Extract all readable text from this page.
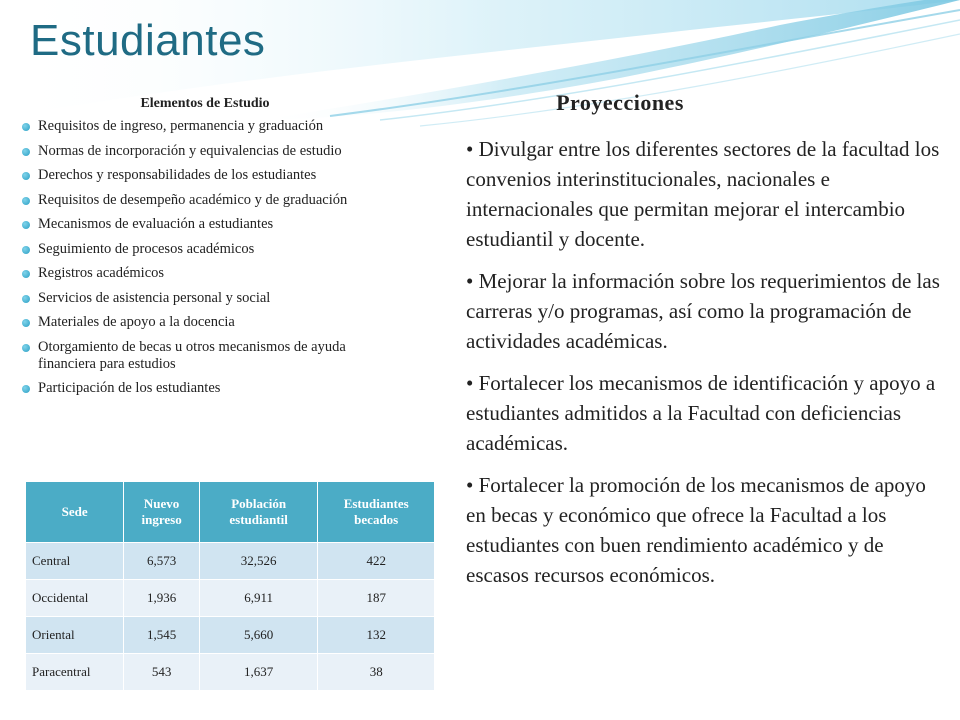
Estudiantes
Elementos de Estudio
Requisitos de ingreso, permanencia y graduación
Normas de incorporación y equivalencias de estudio
Derechos y responsabilidades de los estudiantes
Requisitos de desempeño académico y de graduación
Mecanismos de evaluación a estudiantes
Seguimiento de procesos académicos
Registros académicos
Servicios de asistencia personal y social
Materiales de apoyo a la docencia
Otorgamiento de becas u otros mecanismos de ayuda financiera para estudios
Participación de los estudiantes
Proyecciones

• Divulgar entre los diferentes sectores de la facultad los convenios interinstitucionales, nacionales e internacionales que permitan mejorar el intercambio estudiantil y docente.

• Mejorar la información sobre los requerimientos de las carreras y/o programas, así como la programación de actividades académicas.

• Fortalecer los mecanismos de identificación y apoyo a estudiantes admitidos a la Facultad con deficiencias académicas.

• Fortalecer la promoción de los mecanismos de apoyo en becas y económico que ofrece la Facultad a los estudiantes con buen rendimiento académico y de escasos recursos económicos.

Sede	Nuevo ingreso	Población estudiantil	Estudiantes becados
Central	6,573	32,526	422
Occidental	1,936	6,911	187
Oriental	1,545	5,660	132
Paracentral	543	1,637	38
